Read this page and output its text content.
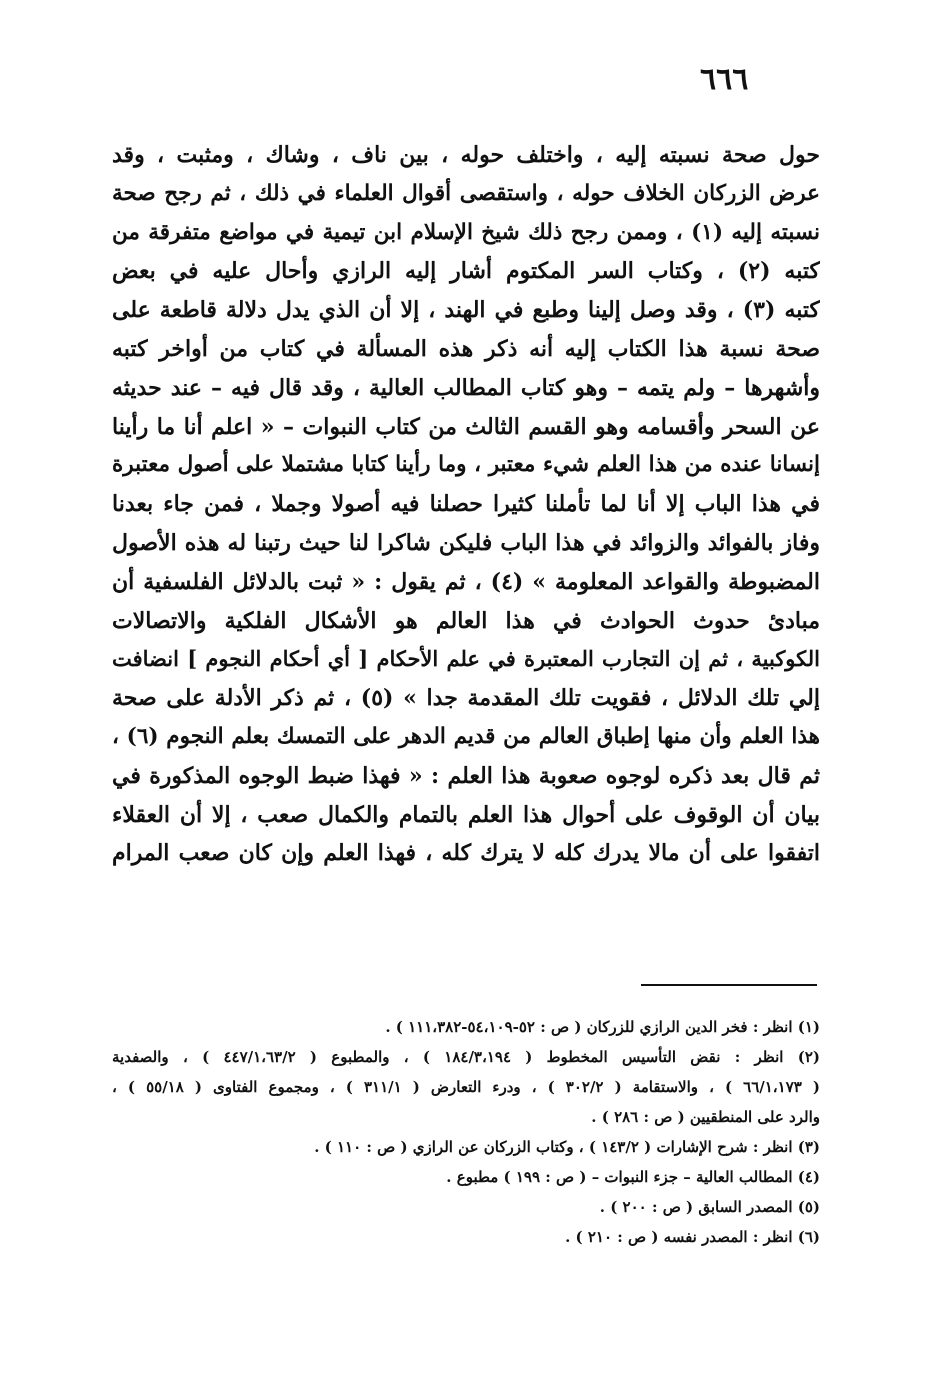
٦٦٦
حول صحة نسبته إليه ، واختلف حوله ، بين ناف ، وشاك ، ومثبت ، وقد
عرض الزركان الخلاف حوله ، واستقصى أقوال العلماء في ذلك ، ثم رجح صحة
نسبته إليه (١) ، وممن رجح ذلك شيخ الإسلام ابن تيمية في مواضع متفرقة من
كتبه (٢) ، وكتاب السر المكتوم أشار إليه الرازي وأحال عليه في بعض
كتبه (٣) ، وقد وصل إلينا وطبع في الهند ، إلا أن الذي يدل دلالة قاطعة على
صحة نسبة هذا الكتاب إليه أنه ذكر هذه المسألة في كتاب من أواخر كتبه
وأشهرها – ولم يتمه – وهو كتاب المطالب العالية ، وقد قال فيه – عند حديثه
عن السحر وأقسامه وهو القسم الثالث من كتاب النبوات – « اعلم أنا ما رأينا
إنسانا عنده من هذا العلم شيء معتبر ، وما رأينا كتابا مشتملا على أصول معتبرة
في هذا الباب إلا أنا لما تأملنا كثيرا حصلنا فيه أصولا وجملا ، فمن جاء بعدنا
وفاز بالفوائد والزوائد في هذا الباب فليكن شاكرا لنا حيث رتبنا له هذه الأصول
المضبوطة والقواعد المعلومة » (٤) ، ثم يقول : « ثبت بالدلائل الفلسفية أن
مبادئ حدوث الحوادث في هذا العالم هو الأشكال الفلكية والاتصالات
الكوكبية ، ثم إن التجارب المعتبرة في علم الأحكام [ أي أحكام النجوم ] انضافت
إلي تلك الدلائل ، فقويت تلك المقدمة جدا » (٥) ، ثم ذكر الأدلة على صحة
هذا العلم وأن منها إطباق العالم من قديم الدهر على التمسك بعلم النجوم (٦) ،
ثم قال بعد ذكره لوجوه صعوبة هذا العلم : « فهذا ضبط الوجوه المذكورة في
بيان أن الوقوف على أحوال هذا العلم بالتمام والكمال صعب ، إلا أن العقلاء
اتفقوا على أن مالا يدرك كله لا يترك كله ، فهذا العلم وإن كان صعب المرام
(١) انظر : فخر الدين الرازي للزركان ( ص : ٥٢-٥٤،١٠٩-١١١،٣٨٢ ) .
(٢) انظر : نقض التأسيس المخطوط ( ١٨٤/٣،١٩٤ ) ، والمطبوع ( ٤٤٧/١،٦٣/٢ ) ، والصفدية
( ٦٦/١،١٧٣ ) ، والاستقامة ( ٣٠٢/٢ ) ، ودرء التعارض ( ٣١١/١ ) ، ومجموع الفتاوى ( ٥٥/١٨ ) ،
والرد على المنطقيين ( ص : ٢٨٦ ) .
(٣) انظر : شرح الإشارات ( ١٤٣/٢ ) ، وكتاب الزركان عن الرازي ( ص : ١١٠ ) .
(٤) المطالب العالية – جزء النبوات – ( ص : ١٩٩ ) مطبوع .
(٥) المصدر السابق ( ص : ٢٠٠ ) .
(٦) انظر : المصدر نفسه ( ص : ٢١٠ ) .
